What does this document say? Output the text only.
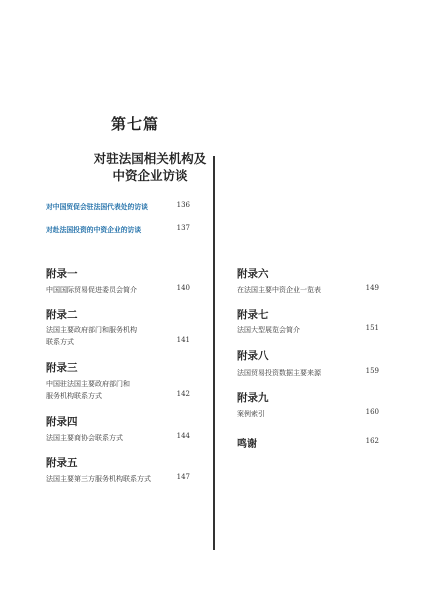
第七篇
对驻法国相关机构及
中资企业访谈
对中国贸促会驻法国代表处的访谈	136
对赴法国投资的中资企业的访谈	137
附录一
中国国际贸易促进委员会简介	140
附录二
法国主要政府部门和服务机构
联系方式	141
附录三
中国驻法国主要政府部门和
服务机构联系方式	142
附录四
法国主要商协会联系方式	144
附录五
法国主要第三方服务机构联系方式	147
附录六
在法国主要中资企业一览表	149
附录七
法国大型展览会简介	151
附录八
法国贸易投资数据主要来源	159
附录九
案例索引	160
鸣谢	162
